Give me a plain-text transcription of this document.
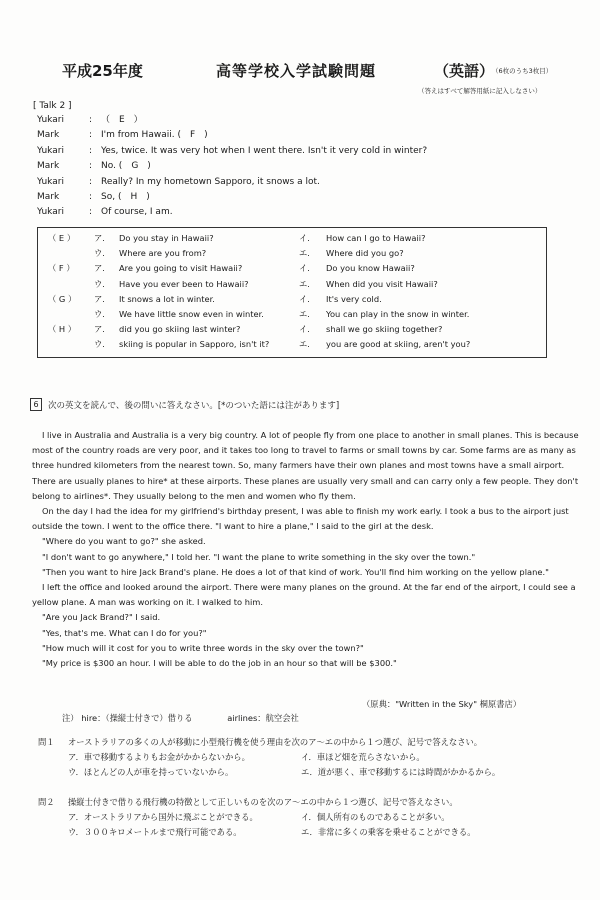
平成25年度	高等学校入学試験問題	（英語）
（6枚のうち3枚目）
（答えはすべて解答用紙に記入しなさい）
[ Talk 2 ]
Yukari	: （　E　）
Mark	: I'm from Hawaii. (　F　)
Yukari	: Yes, twice. It was very hot when I went there. Isn't it very cold in winter?
Mark	: No. (　G　)
Yukari	: Really? In my hometown Sapporo, it snows a lot.
Mark	: So, (　H　)
Yukari	: Of course, I am.
（ E ）	ア.	Do you stay in Hawaii?	イ.	How can I go to Hawaii?
ウ.	Where are you from?	エ.	Where did you go?
（ F ）	ア.	Are you going to visit Hawaii?	イ.	Do you know Hawaii?
ウ.	Have you ever been to Hawaii?	エ.	When did you visit Hawaii?
（ G ）	ア.	It snows a lot in winter.	イ.	It's very cold.
ウ.	We have little snow even in winter.	エ.	You can play in the snow in winter.
（ H ）	ア.	did you go skiing last winter?	イ.	shall we go skiing together?
ウ.	skiing is popular in Sapporo, isn't it?	エ.	you are good at skiing, aren't you?
6	次の英文を読んで、後の問いに答えなさい。[*のついた語には注があります]

I live in Australia and Australia is a very big country. A lot of people fly from one place to another in small planes. This is because most of the country roads are very poor, and it takes too long to travel to farms or small towns by car. Some farms are as many as three hundred kilometers from the nearest town. So, many farmers have their own planes and most towns have a small airport. There are usually planes to hire* at these airports. These planes are usually very small and can carry only a few people. They don't belong to airlines*. They usually belong to the men and women who fly them.

On the day I had the idea for my girlfriend's birthday present, I was able to finish my work early. I took a bus to the airport just outside the town. I went to the office there. "I want to hire a plane," I said to the girl at the desk.

"Where do you want to go?" she asked.

"I don't want to go anywhere," I told her. "I want the plane to write something in the sky over the town."

"Then you want to hire Jack Brand's plane. He does a lot of that kind of work. You'll find him working on the yellow plane."

I left the office and looked around the airport. There were many planes on the ground. At the far end of the airport, I could see a yellow plane. A man was working on it. I walked to him.

"Are you Jack Brand?" I said.

"Yes, that's me. What can I do for you?"

"How much will it cost for you to write three words in the sky over the town?"

"My price is $300 an hour. I will be able to do the job in an hour so that will be $300."

（原典："Written in the Sky" 桐原書店）
注） hire：（操縦士付きで）借りる	airlines：航空会社
問１ オーストラリアの多くの人が移動に小型飛行機を使う理由を次のア～エの中から１つ選び、記号で答えなさい。
ア．車で移動するよりもお金がかからないから。	イ．車ほど畑を荒らさないから。
ウ．ほとんどの人が車を持っていないから。	エ．道が悪く、車で移動するには時間がかかるから。
問２ 操縦士付きで借りる飛行機の特徴として正しいものを次のア～エの中から１つ選び、記号で答えなさい。
ア．オーストラリアから国外に飛ぶことができる。	イ．個人所有のものであることが多い。
ウ．３００キロメートルまで飛行可能である。	エ．非常に多くの乗客を乗せることができる。
